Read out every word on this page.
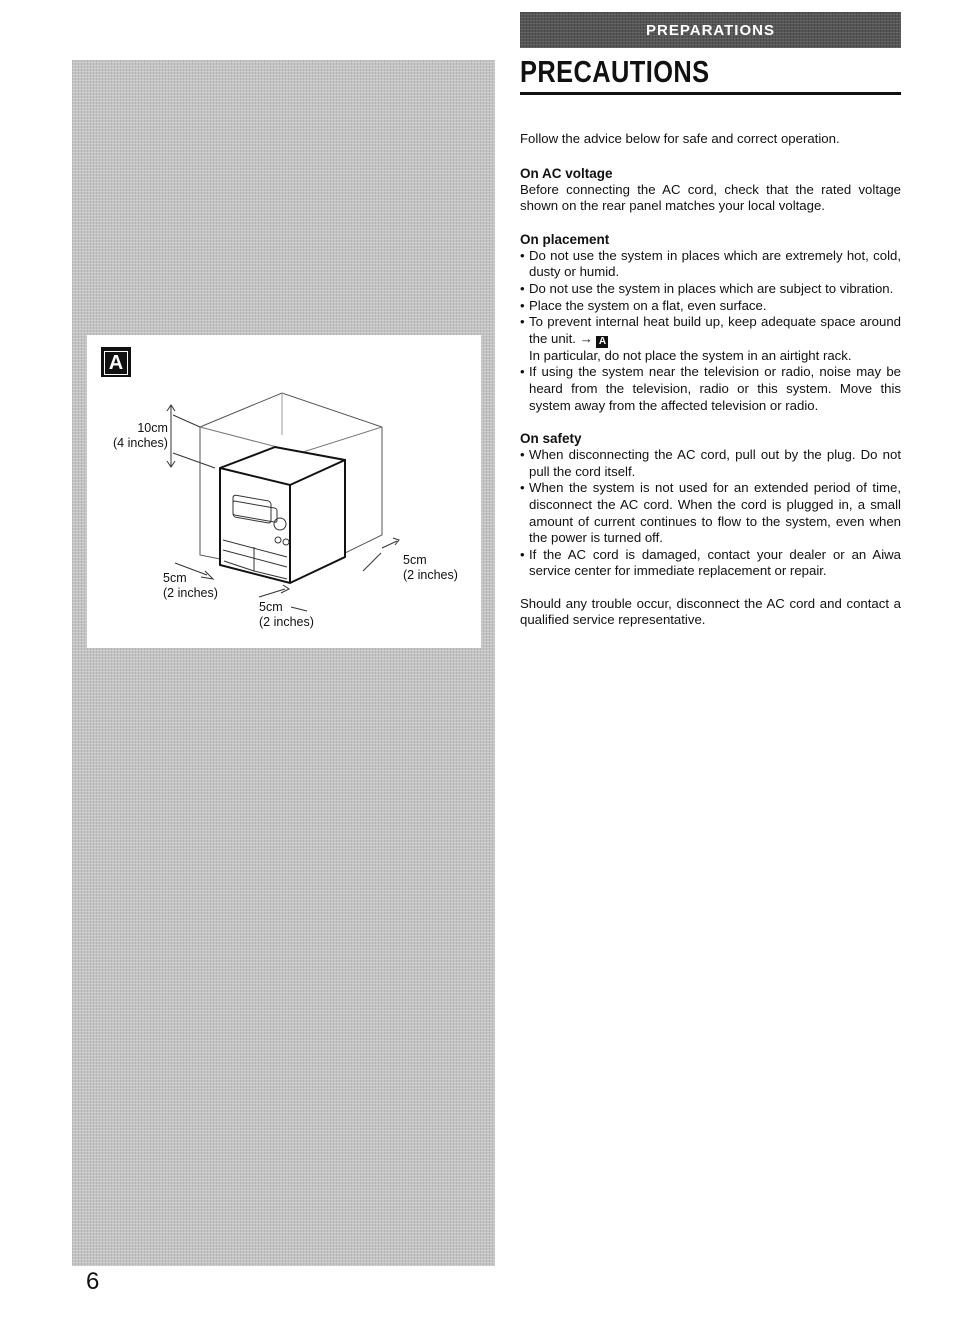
A
10cm
(4 inches)
5cm
(2 inches)
5cm
(2 inches)
5cm
(2 inches)
PREPARATIONS
PRECAUTIONS

Follow the advice below for safe and correct operation.

On AC voltage

Before connecting the AC cord, check that the rated voltage shown on the rear panel matches your local voltage.

On placement
• Do not use the system in places which are extremely hot, cold, dusty or humid.
• Do not use the system in places which are subject to vibration.
• Place the system on a flat, even surface.
• To prevent internal heat build up, keep adequate space around the unit. → A
In particular, do not place the system in an airtight rack.
• If using the system near the television or radio, noise may be heard from the television, radio or this system. Move this system away from the affected television or radio.
On safety
• When disconnecting the AC cord, pull out by the plug. Do not pull the cord itself.
• When the system is not used for an extended period of time, disconnect the AC cord. When the cord is plugged in, a small amount of current continues to flow to the system, even when the power is turned off.
• If the AC cord is damaged, contact your dealer or an Aiwa service center for immediate replacement or repair.

Should any trouble occur, disconnect the AC cord and contact a qualified service representative.

6
